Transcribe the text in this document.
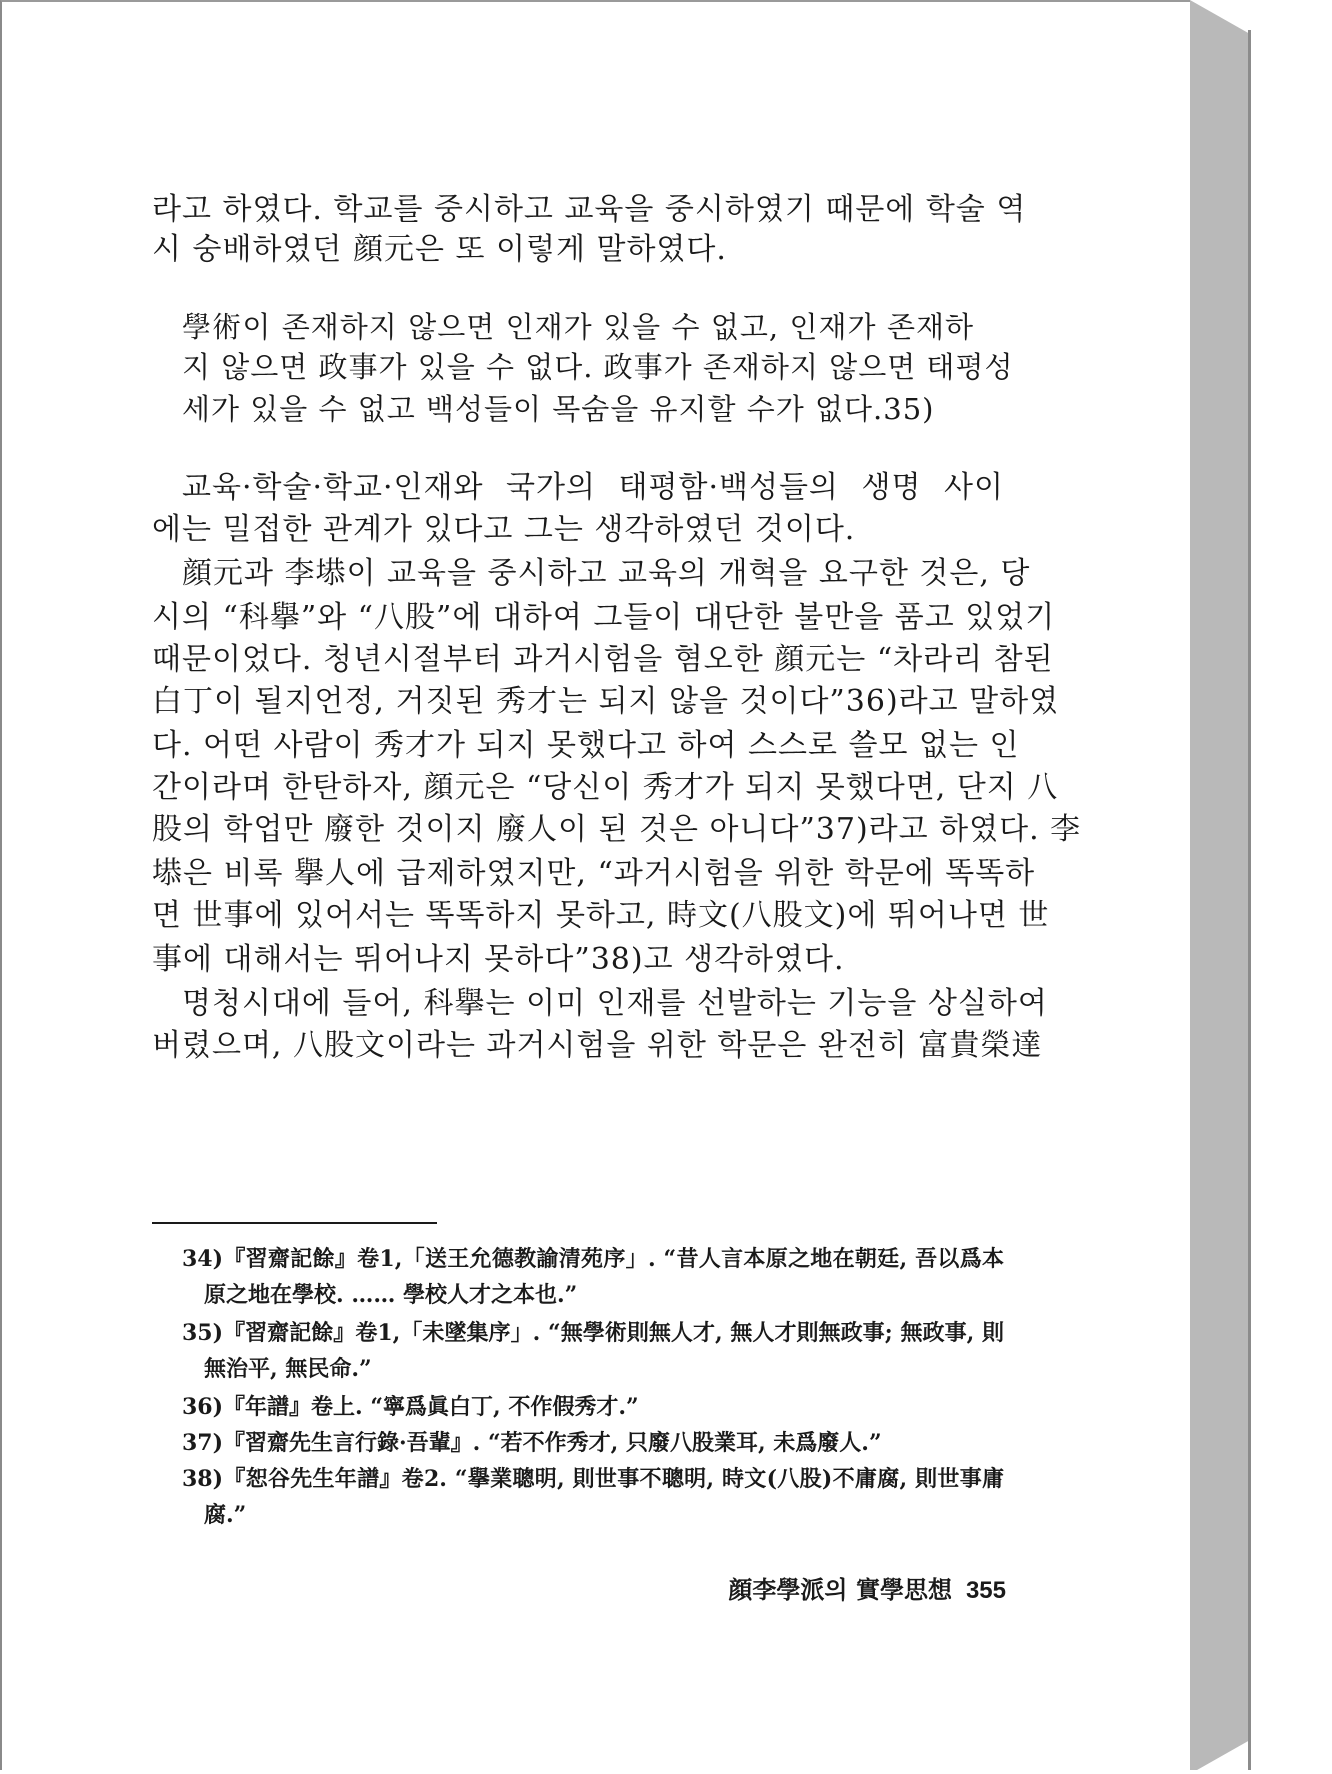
라고 하였다. 학교를 중시하고 교육을 중시하였기 때문에 학술 역
시 숭배하였던 顔元은 또 이렇게 말하였다.
學術이 존재하지 않으면 인재가 있을 수 없고, 인재가 존재하
지 않으면 政事가 있을 수 없다. 政事가 존재하지 않으면 태평성
세가 있을 수 없고 백성들이 목숨을 유지할 수가 없다.35)
교육·학술·학교·인재와 국가의 태평함·백성들의 생명 사이
에는 밀접한 관계가 있다고 그는 생각하였던 것이다.
顔元과 李塨이 교육을 중시하고 교육의 개혁을 요구한 것은, 당
시의 “科擧”와 “八股”에 대하여 그들이 대단한 불만을 품고 있었기
때문이었다. 청년시절부터 과거시험을 혐오한 顔元는 “차라리 참된
白丁이 될지언정, 거짓된 秀才는 되지 않을 것이다”36)라고 말하였
다. 어떤 사람이 秀才가 되지 못했다고 하여 스스로 쓸모 없는 인
간이라며 한탄하자, 顔元은 “당신이 秀才가 되지 못했다면, 단지 八
股의 학업만 廢한 것이지 廢人이 된 것은 아니다”37)라고 하였다. 李
塨은 비록 擧人에 급제하였지만, “과거시험을 위한 학문에 똑똑하
면 世事에 있어서는 똑똑하지 못하고, 時文(八股文)에 뛰어나면 世
事에 대해서는 뛰어나지 못하다”38)고 생각하였다.
명청시대에 들어, 科擧는 이미 인재를 선발하는 기능을 상실하여
버렸으며, 八股文이라는 과거시험을 위한 학문은 완전히 富貴榮達
34)『習齋記餘』卷1,「送王允德教諭清苑序」. “昔人言本原之地在朝廷, 吾以爲本
原之地在學校. …… 學校人才之本也.”
35)『習齋記餘』卷1,「未墜集序」. “無學術則無人才, 無人才則無政事; 無政事, 則
無治平, 無民命.”
36)『年譜』卷上. “寧爲眞白丁, 不作假秀才.”
37)『習齋先生言行錄·吾輩』. “若不作秀才, 只廢八股業耳, 未爲廢人.”
38)『恕谷先生年譜』卷2. “擧業聰明, 則世事不聰明, 時文(八股)不庸腐, 則世事庸
腐.”
顔李學派의 實學思想 355
